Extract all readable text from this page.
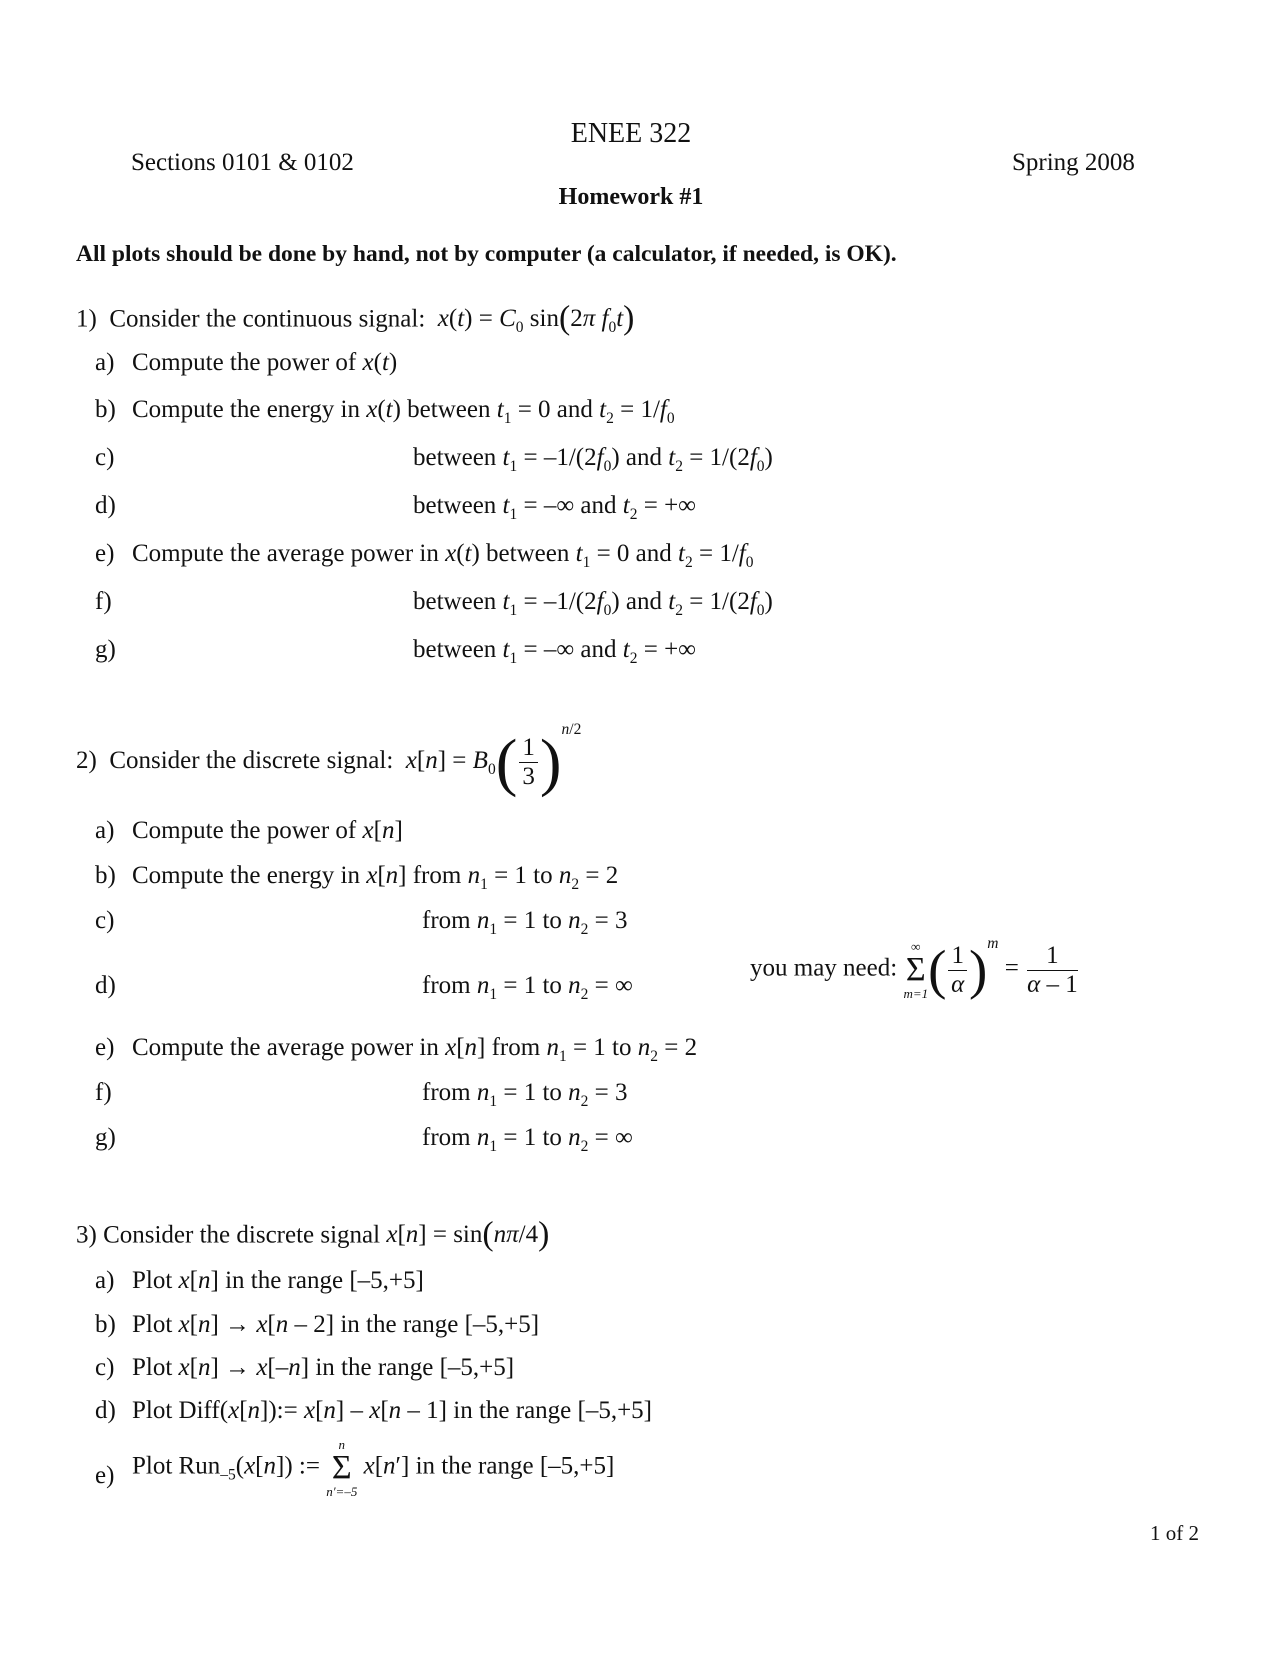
ENEE 322
Sections 0101 & 0102	Spring 2008
Homework #1
All plots should be done by hand, not by computer (a calculator, if needed, is OK).
1) Consider the continuous signal: $x(t) = C_0$ sin(2π $f_0t$)
a) Compute the power of x(t)
b) Compute the energy in x(t) between $t_1 = 0$ and $t_2 = 1/f_0$
c)	between $t_1 = -1/(2f_0)$ and $t_2 = 1/(2f_0)$
d)	between $t_1$ = –∞ and $t_2$ = +∞
e) Compute the average power in x(t) between $t_1 = 0$ and $t_2 = 1/f_0$
f)	between $t_1 = -1/(2f_0)$ and $t_2 = 1/(2f_0)$
g)	between $t_1$ = –∞ and $t_2$ = +∞
2) Consider the discrete signal: $x[n] = B_0( \frac{1}{3} )^{n/2}$
a) Compute the power of x[n]
b) Compute the energy in x[n] from $n_1 = 1$ to $n_2 = 2$
c)	from $n_1 = 1$ to $n_2 = 3$
d)	from $n_1 = 1$ to $n_2$ = ∞
you may need:
∞
Σ
m=1 ( $\frac{1}{\alpha} )^m = \frac{1}{\alpha - 1}$
e) Compute the average power in x[n] from $n_1 = 1$ to $n_2 = 2$
f)	from $n_1 = 1$ to $n_2 = 3$
g)	from $n_1 = 1$ to $n_2$ = ∞
3) Consider the discrete signal x[n] = sin(nπ/4)
a) Plot x[n] in the range [–5,+5]
b) Plot x[n] → x[n – 2] in the range [–5,+5]
c) Plot x[n] → x[–n] in the range [–5,+5]
d) Plot Diff(x[n]):= x[n] – x[n – 1] in the range [–5,+5]
e) Plot Run$_{-5}$(x[n]) :=
n
Σ
n′=–5
x[n′] in the range [–5,+5]
1 of 2
